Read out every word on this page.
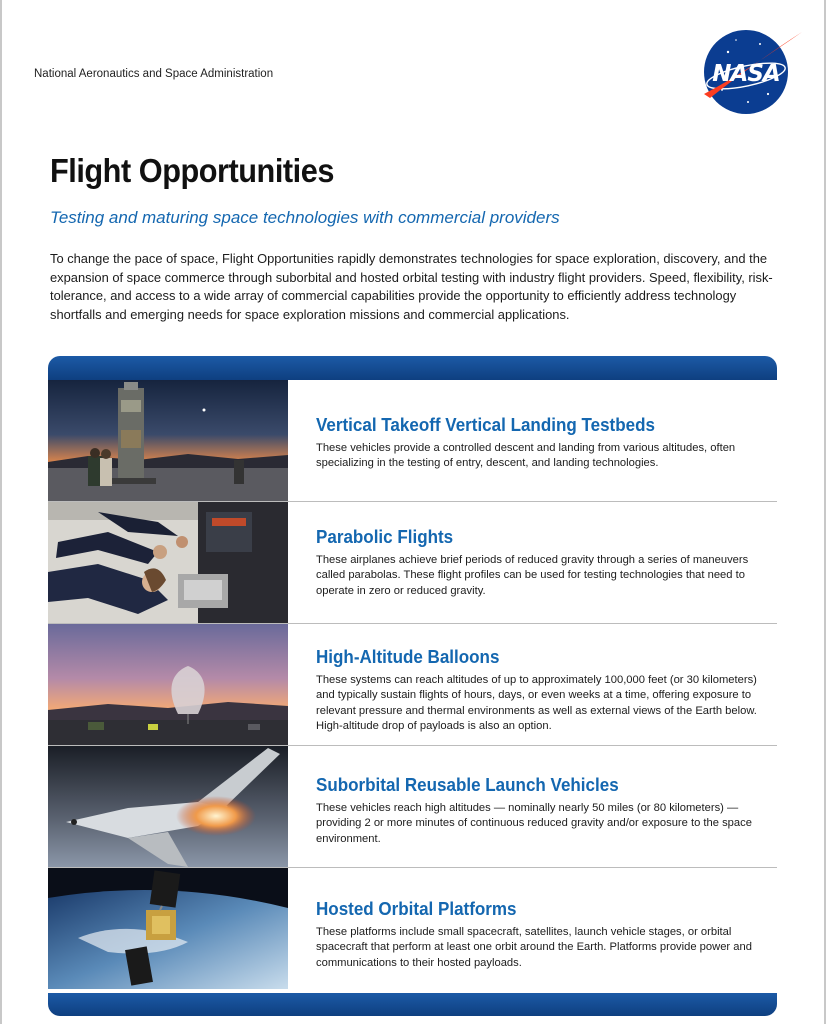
National Aeronautics and Space Administration	NASA
Flight Opportunities
Testing and maturing space technologies with commercial providers

To change the pace of space, Flight Opportunities rapidly demonstrates technologies for space exploration, discovery, and the expansion of space commerce through suborbital and hosted orbital testing with industry flight providers. Speed, flexibility, risk-tolerance, and access to a wide array of commercial capabilities provide the opportunity to efficiently address technology shortfalls and emerging needs for space exploration missions and commercial applications.

Vertical Takeoff Vertical Landing Testbeds

These vehicles provide a controlled descent and landing from various altitudes, often specializing in the testing of entry, descent, and landing technologies.

Parabolic Flights

These airplanes achieve brief periods of reduced gravity through a series of maneuvers called parabolas. These flight profiles can be used for testing technologies that need to operate in zero or reduced gravity.

High-Altitude Balloons

These systems can reach altitudes of up to approximately 100,000 feet (or 30 kilometers) and typically sustain flights of hours, days, or even weeks at a time, offering exposure to relevant pressure and thermal environments as well as external views of the Earth below. High-altitude drop of payloads is also an option.

Suborbital Reusable Launch Vehicles

These vehicles reach high altitudes — nominally nearly 50 miles (or 80 kilometers) — providing 2 or more minutes of continuous reduced gravity and/or exposure to the space environment.

Hosted Orbital Platforms

These platforms include small spacecraft, satellites, launch vehicle stages, or orbital spacecraft that perform at least one orbit around the Earth. Platforms provide power and communications to their hosted payloads.
